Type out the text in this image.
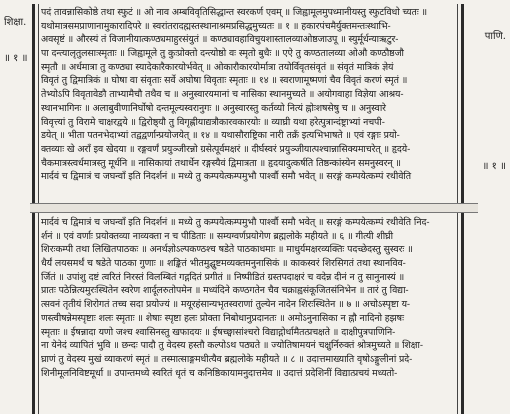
शिक्षा.
॥ १ ॥
पाणि.
॥ १ ॥
पदं तावन्नासिकोष्ठे तथा स्फुटं ॥ ओ नाव अम्बविवृतिसिद्धान्त स्वरकर्ण एवम् ॥ जिह्वामूलमुपध्मानीयस्तु स्फुटविधो च्यतः ॥
यथोमात्रसमप्राणानामुकारादिपरे ॥ स्वरांतरादह्मस्तस्थानाश्रमप्रसिद्धमुच्यतः ॥ १ ॥ हकारपंचमैर्युक्तमन्तःस्थाभि-
अवसृष्टं ॥ औरस्यं तं विजानीयात्कण्ठ्यमाहुरसंयुतं ॥ कण्ठ्यावहाविचुयशास्तालव्याओष्ठजाउपू ॥ स्युर्मूर्धन्याऋटुर-
पा दन्त्यालृतुलसाःस्मृताः ॥ जिह्वामूले तु कुःप्रोक्तो दन्त्योष्ठो वः स्मृतो बुधैः ॥ एऐ तु कण्ठतालव्या ओऔ कण्ठौष्ठजौ
स्मृतौ ॥ अर्धमात्रा तु कण्ठ्या स्यादेकारैकारयोर्भवेत् ॥ ओकारौकारयोर्मात्रा तयोर्विवृतसंवृतं ॥ संवृतं मात्रिकं ज्ञेयं
विवृतं तु द्विमात्रिकं ॥ घोषा वा संवृताः सर्वे अघोषा विवृताः स्मृताः ॥ १४ ॥ स्वराणामूष्मणां चैव विवृतं करणं स्मृतं ॥
तेभ्योऽपि विवृतावेङौ ताभ्यामैचौ तथैव च ॥ अनुस्वारयमानां च नासिका स्थानमुच्यते ॥ अयोगवाहा विज्ञेया आश्रय-
स्थानभागिनः ॥ अलाबुवीणानिर्घोषो दन्तमूल्यस्वरानुगः ॥ अनुस्वारस्तु कर्तव्यो नित्यं ह्नोःशषसेषु च ॥ अनुस्वारे
विवृत्त्यां तु विरामे चाक्षरद्वये ॥ द्विरोष्ठ्यौ तु विगृह्णीयाद्यत्रौकारवकारयोः ॥ व्याघ्री यथा हरेत्पुत्रान्दंष्ट्राभ्यां नचपी-
डयेत् ॥ भीता पतनभेदाभ्यां तद्वद्वर्णान्प्रयोजयेत् ॥ १४ ॥ यथासौराष्ट्रिका नारी तक्रँ इत्यभिभाषते ॥ एवं रङ्गाः प्रयो-
क्तव्याः खे अराँ इव खेदया ॥ रङ्गवर्णं प्रयुञ्जीरन्नो ग्रसेत्पूर्वमक्षरं ॥ दीर्घस्वरं प्रयुञ्जीयात्पश्चान्नासिक्यमाचरेत् ॥ हृदये-
चैकमात्रस्त्वर्धमात्रस्तु मूर्धनि ॥ नासिकायां तथार्धेन रङ्गस्यैवं द्विमात्रता ॥ हृदयादुत्कर्षति तिष्ठन्कांस्येन समनुस्वरन् ॥
मार्दवं च द्विमात्रं च जघन्वाँ इति निदर्शनं ॥ मध्ये तु कम्पयेत्कम्पमुभौ पार्श्वौ समौ भवेत् ॥ सरङ्गं कम्पयेत्कम्पं रथीवेति
मार्दवं च द्विमात्रं च जघन्वाँ इति निदर्शनं ॥ मध्ये तु कम्पयेत्कम्पमुभौ पार्श्वौ समौ भवेत् ॥ सरङ्गं कम्पयेत्कम्पं रथीवेति निद-
र्शनं ॥ एवं वर्णाः प्रयोक्तव्या नाव्यक्ता न च पीडिताः ॥ सम्यग्वर्णप्रयोगेण ब्रह्मलोके महीयते ॥ ६ ॥ गीत्यी शीघ्री
शिरःकम्पी तथा लिखितपाठकः ॥ अनर्थज्ञोऽल्पकण्ठश्च षडेते पाठकाधमाः ॥ माधुर्यमक्षरव्यक्तिः पदच्छेदस्तु सुस्वरः ॥
धैर्यं लयसमर्थं च षडेते पाठका गुणाः ॥ शङ्कितं भीतमुद्घुष्टमव्यक्तमनुनासिकं ॥ काकस्वरं शिरसिगतं तथा स्थानविव-
र्जितं ॥ उपांशु दष्टं त्वरितं निरस्तं विलम्बितं गद्गदितं प्रगीतं ॥ निष्पीडितं ग्रस्तपदाक्षरं च वदेन्न दीनं न तु सानुनास्यं ॥
प्रातः पठेन्नित्यमुरःस्थितेन स्वरेण शार्दूलरुतोपमेन ॥ मध्यंदिने कण्ठगतेन चैव चक्राह्वसंकूजितसंनिभेन ॥ तारं तु विद्या-
त्सवनं तृतीयं शिरोगतं तच्च सदा प्रयोज्यं ॥ मयूरहंसान्यभृतस्वराणां तुल्येन नादेन शिरःस्थितेन ॥ ७ ॥ अचोऽस्पृष्टा य-
णस्त्वीषन्नेमस्पृष्टाः शलः स्मृताः ॥ शेषाः स्पृष्टा हलः प्रोक्ता निबोधानुप्रदानतः ॥ अमोऽनुनासिका न ह्नौ नादिनो हझषः
स्मृताः ॥ ईषन्नादा यणो जश्च श्वासिनस्तु खफादयः ॥ ईषच्छ्वासांश्चरो विद्याद्गोर्धामैतत्प्रचक्षते ॥ दाक्षीपुत्रपाणिनि-
ना येनेदं व्यापितं भुवि ॥ छन्दः पादौ तु वेदस्य हस्तौ कल्पोऽथ पठ्यते ॥ ज्योतिषामयनं चक्षुर्निरुक्तं श्रोत्रमुच्यते ॥ शिक्षा-
घ्राणं तु वेदस्य मुखं व्याकरणं स्मृतं ॥ तस्मात्साङ्गमधीत्यैव ब्रह्मलोके महीयते ॥ ८ ॥ उदात्तमाख्याति वृषोऽङ्गुलीनां प्रदे-
शिनीमूलनिविष्टमूर्धा ॥ उपान्तमध्ये स्वरितं धृतं च कनिष्ठिकायामनुदात्तमेव ॥ उदात्तं प्रदेशिनीं विद्यात्प्रचयं मध्यतो-
